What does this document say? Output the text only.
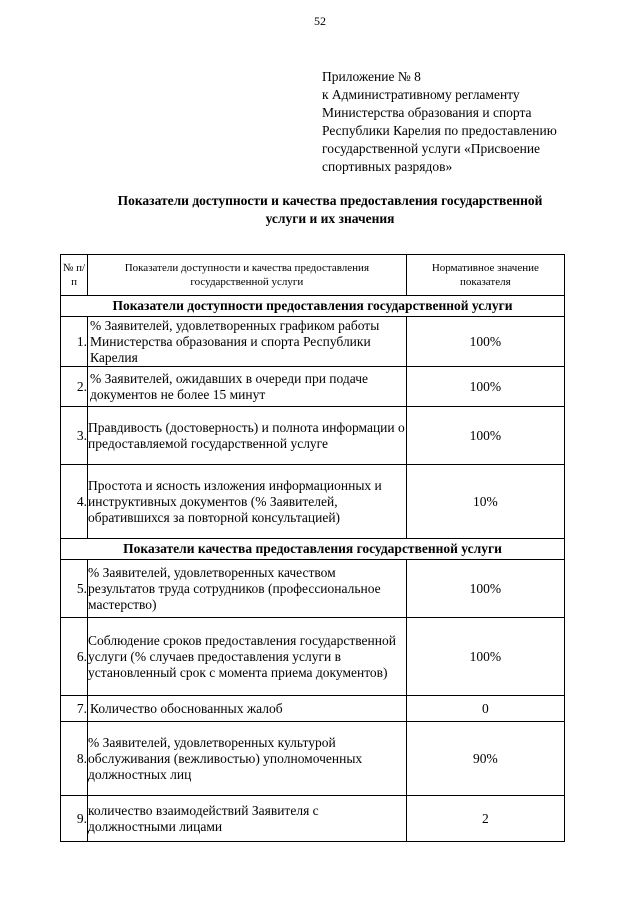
52
Приложение № 8
к Административному регламенту
Министерства образования и спорта
Республики Карелия по предоставлению
государственной услуги «Присвоение
спортивных разрядов»
Показатели доступности и качества предоставления государственной
услуги и их значения
№ п/п	Показатели доступности и качества предоставления государственной услуги	Нормативное значение показателя
Показатели доступности предоставления государственной услуги		
1.	% Заявителей, удовлетворенных графиком работы Министерства образования и спорта Республики Карелия	100%
2.	% Заявителей, ожидавших в очереди при подаче документов не более 15 минут	100%
3.	Правдивость (достоверность) и полнота информации о предоставляемой государственной услуге	100%
4.	Простота и ясность изложения информационных и инструктивных документов (% Заявителей, обратившихся за повторной консультацией)	10%
Показатели качества предоставления государственной услуги		
5.	% Заявителей, удовлетворенных качеством результатов труда сотрудников (профессиональное мастерство)	100%
6.	Соблюдение сроков предоставления государственной услуги (% случаев предоставления услуги в установленный срок с момента приема документов)	100%
7.	Количество обоснованных жалоб	0
8.	% Заявителей, удовлетворенных культурой обслуживания (вежливостью) уполномоченных должностных лиц	90%
9.	количество взаимодействий Заявителя с должностными лицами	2
